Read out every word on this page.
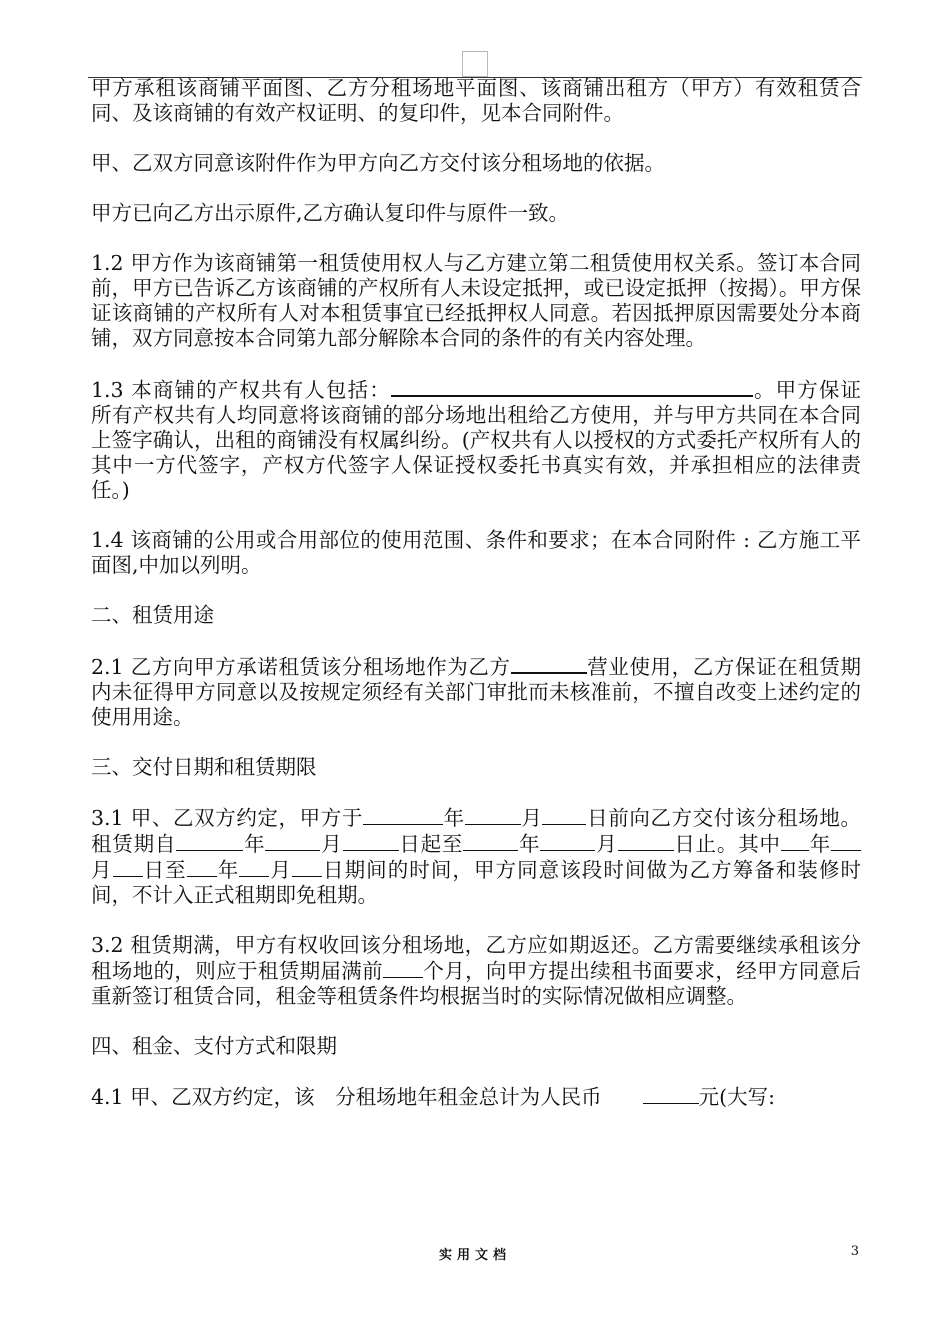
甲方承租该商铺平面图、乙方分租场地平面图、该商铺出租方（甲方）有效租赁合同、及该商铺的有效产权证明、的复印件，见本合同附件。

甲、乙双方同意该附件作为甲方向乙方交付该分租场地的依据。

甲方已向乙方出示原件,乙方确认复印件与原件一致。

1.2 甲方作为该商铺第一租赁使用权人与乙方建立第二租赁使用权关系。签订本合同前，甲方已告诉乙方该商铺的产权所有人未设定抵押，或已设定抵押（按揭）。甲方保证该商铺的产权所有人对本租赁事宜已经抵押权人同意。若因抵押原因需要处分本商铺，双方同意按本合同第九部分解除本合同的条件的有关内容处理。

1.3 本商铺的产权共有人包括：	。甲方保证所有产权共有人均同意将该商铺的部分场地出租给乙方使用，并与甲方共同在本合同上签字确认，出租的商铺没有权属纠纷。(产权共有人以授权的方式委托产权所有人的其中一方代签字，产权方代签字人保证授权委托书真实有效，并承担相应的法律责任。)

1.4 该商铺的公用或合用部位的使用范围、条件和要求；在本合同附件 : 乙方施工平面图,中加以列明。

二、租赁用途

2.1 乙方向甲方承诺租赁该分租场地作为乙方	营业使用，乙方保证在租赁期内未征得甲方同意以及按规定须经有关部门审批而未核准前，不擅自改变上述约定的使用用途。

三、交付日期和租赁期限

3.1 甲、乙双方约定，甲方于	年	月 日前向乙方交付该分租场地。租赁期自	年	月	日起至	年	月	日止。其中 年月 日至 年 月 日期间的时间，甲方同意该段时间做为乙方筹备和装修时间，不计入正式租期即免租期。

3.2 租赁期满，甲方有权收回该分租场地，乙方应如期返还。乙方需要继续承租该分租场地的，则应于租赁期届满前 个月，向甲方提出续租书面要求，经甲方同意后重新签订租赁合同，租金等租赁条件均根据当时的实际情况做相应调整。

四、租金、支付方式和限期

4.1 甲、乙双方约定，该　分租场地年租金总计为人民币　　	元(大写:

实用文档	3
